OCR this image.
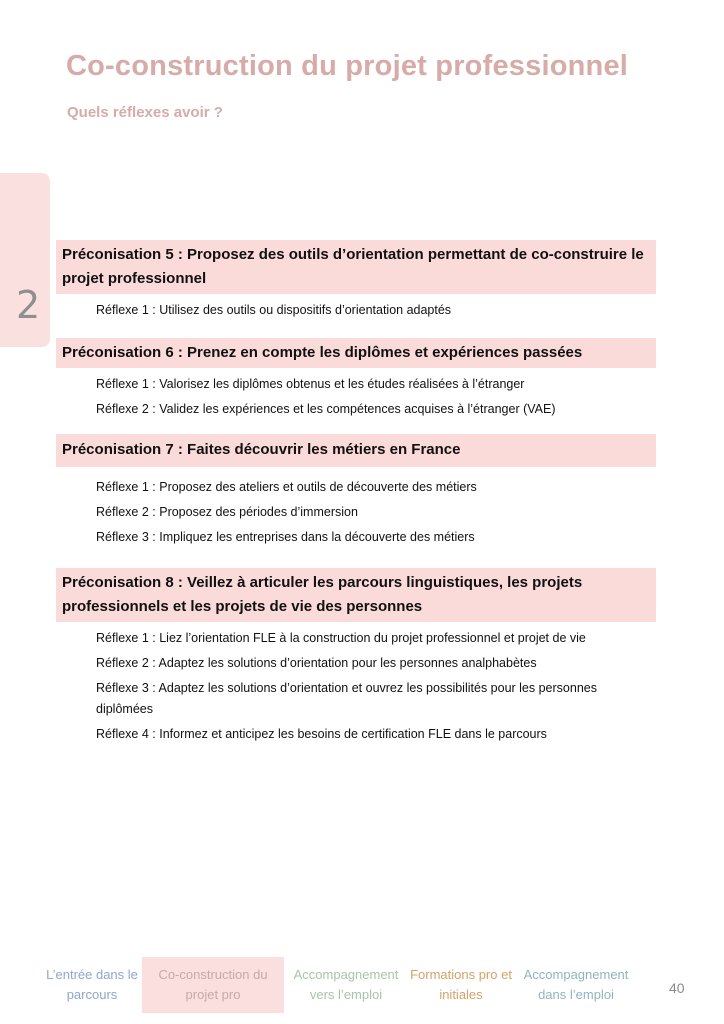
Co-construction du projet professionnel
Quels réflexes avoir ?
2
Préconisation 5 : Proposez des outils d’orientation permettant de co-construire le projet professionnel
Réflexe 1 : Utilisez des outils ou dispositifs d’orientation adaptés
Préconisation 6 : Prenez en compte les diplômes et expériences passées
Réflexe 1 : Valorisez les diplômes obtenus et les études réalisées à l’étranger
Réflexe 2 : Validez les expériences et les compétences acquises à l’étranger (VAE)
Préconisation 7 : Faites découvrir les métiers en France
Réflexe 1 : Proposez des ateliers et outils de découverte des métiers
Réflexe 2 : Proposez des périodes d’immersion
Réflexe 3 : Impliquez les entreprises dans la découverte des métiers
Préconisation 8 : Veillez à articuler les parcours linguistiques, les projets professionnels et les projets de vie des personnes
Réflexe 1 : Liez l’orientation FLE à la construction du projet professionnel et projet de vie
Réflexe 2 : Adaptez les solutions d’orientation pour les personnes analphabètes
Réflexe 3 : Adaptez les solutions d’orientation et ouvrez les possibilités pour les personnes diplômées
Réflexe 4 : Informez et anticipez les besoins de certification FLE dans le parcours
L’entrée dans le parcours
Co-construction du projet pro
Accompagnement vers l’emploi
Formations pro et initiales
Accompagnement dans l’emploi	40
